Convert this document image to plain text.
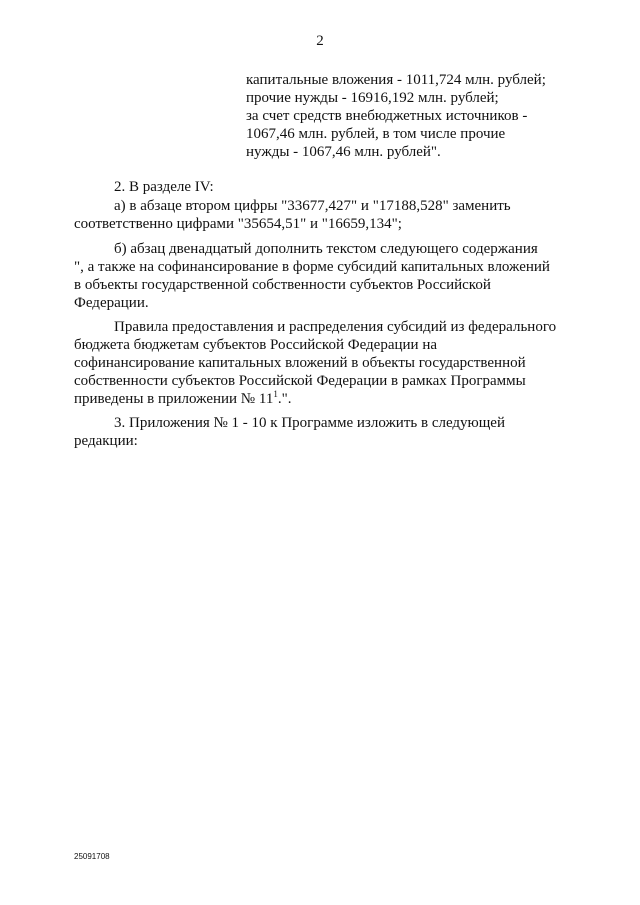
2
капитальные вложения - 1011,724 млн. рублей;
прочие нужды - 16916,192 млн. рублей;
за счет средств внебюджетных источников -
1067,46 млн. рублей, в том числе прочие
нужды - 1067,46 млн. рублей".
2. В разделе IV:
а) в абзаце втором цифры "33677,427" и "17188,528" заменить
соответственно цифрами "35654,51" и "16659,134";
б) абзац двенадцатый дополнить текстом следующего содержания
", а также на софинансирование в форме субсидий капитальных вложений
в объекты государственной собственности субъектов Российской
Федерации.
Правила предоставления и распределения субсидий из федерального
бюджета бюджетам субъектов Российской Федерации на
софинансирование капитальных вложений в объекты государственной
собственности субъектов Российской Федерации в рамках Программы
приведены в приложении № $11^1$.".
3. Приложения № 1 - 10 к Программе изложить в следующей
редакции:
25091708
